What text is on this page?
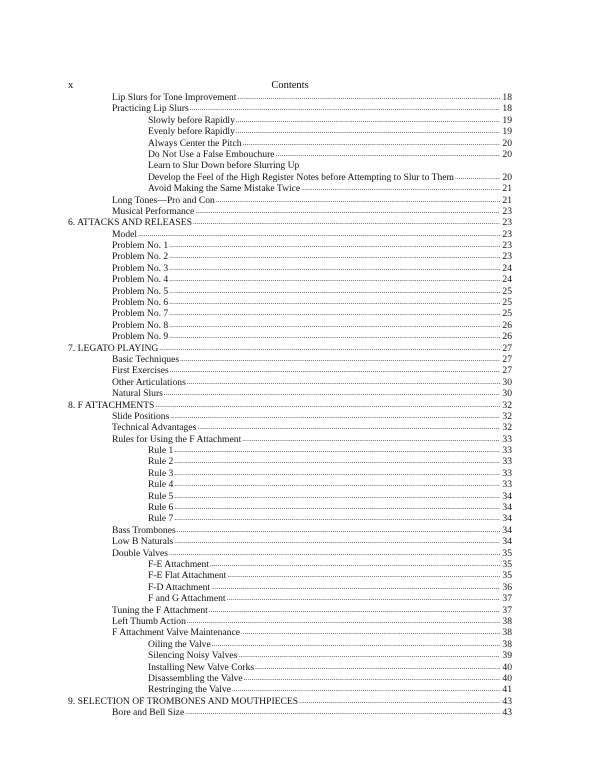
x	Contents
Lip Slurs for Tone Improvement .....	18
Practicing Lip Slurs .....	18
Slowly before Rapidly .....	19
Evenly before Rapidly .....	19
Always Center the Pitch .....	20
Do Not Use a False Embouchure .....	20
Learn to Slur Down before Slurring Up
Develop the Feel of the High Register Notes before Attempting to Slur to Them .....	20
Avoid Making the Same Mistake Twice .....	21
Long Tones—Pro and Con .....	21
Musical Performance .....	23
6. ATTACKS AND RELEASES .....	23
Model .....	23
Problem No. 1 .....	23
Problem No. 2 .....	23
Problem No. 3 .....	24
Problem No. 4 .....	24
Problem No. 5 .....	25
Problem No. 6 .....	25
Problem No. 7 .....	25
Problem No. 8 .....	26
Problem No. 9 .....	26
7. LEGATO PLAYING .....	27
Basic Techniques .....	27
First Exercises .....	27
Other Articulations .....	30
Natural Slurs .....	30
8. F ATTACHMENTS .....	32
Slide Positions .....	32
Technical Advantages .....	32
Rules for Using the F Attachment .....	33
Rule 1 .....	33
Rule 2 .....	33
Rule 3 .....	33
Rule 4 .....	33
Rule 5 .....	34
Rule 6 .....	34
Rule 7 .....	34
Bass Trombones .....	34
Low B Naturals .....	34
Double Valves .....	35
F-E Attachment .....	35
F-E Flat Attachment .....	35
F-D Attachment .....	36
F and G Attachment .....	37
Tuning the F Attachment .....	37
Left Thumb Action .....	38
F Attachment Valve Maintenance .....	38
Oiling the Valve .....	38
Silencing Noisy Valves .....	39
Installing New Valve Corks .....	40
Disassembling the Valve .....	40
Restringing the Valve .....	41
9. SELECTION OF TROMBONES AND MOUTHPIECES .....	43
Bore and Bell Size .....	43
